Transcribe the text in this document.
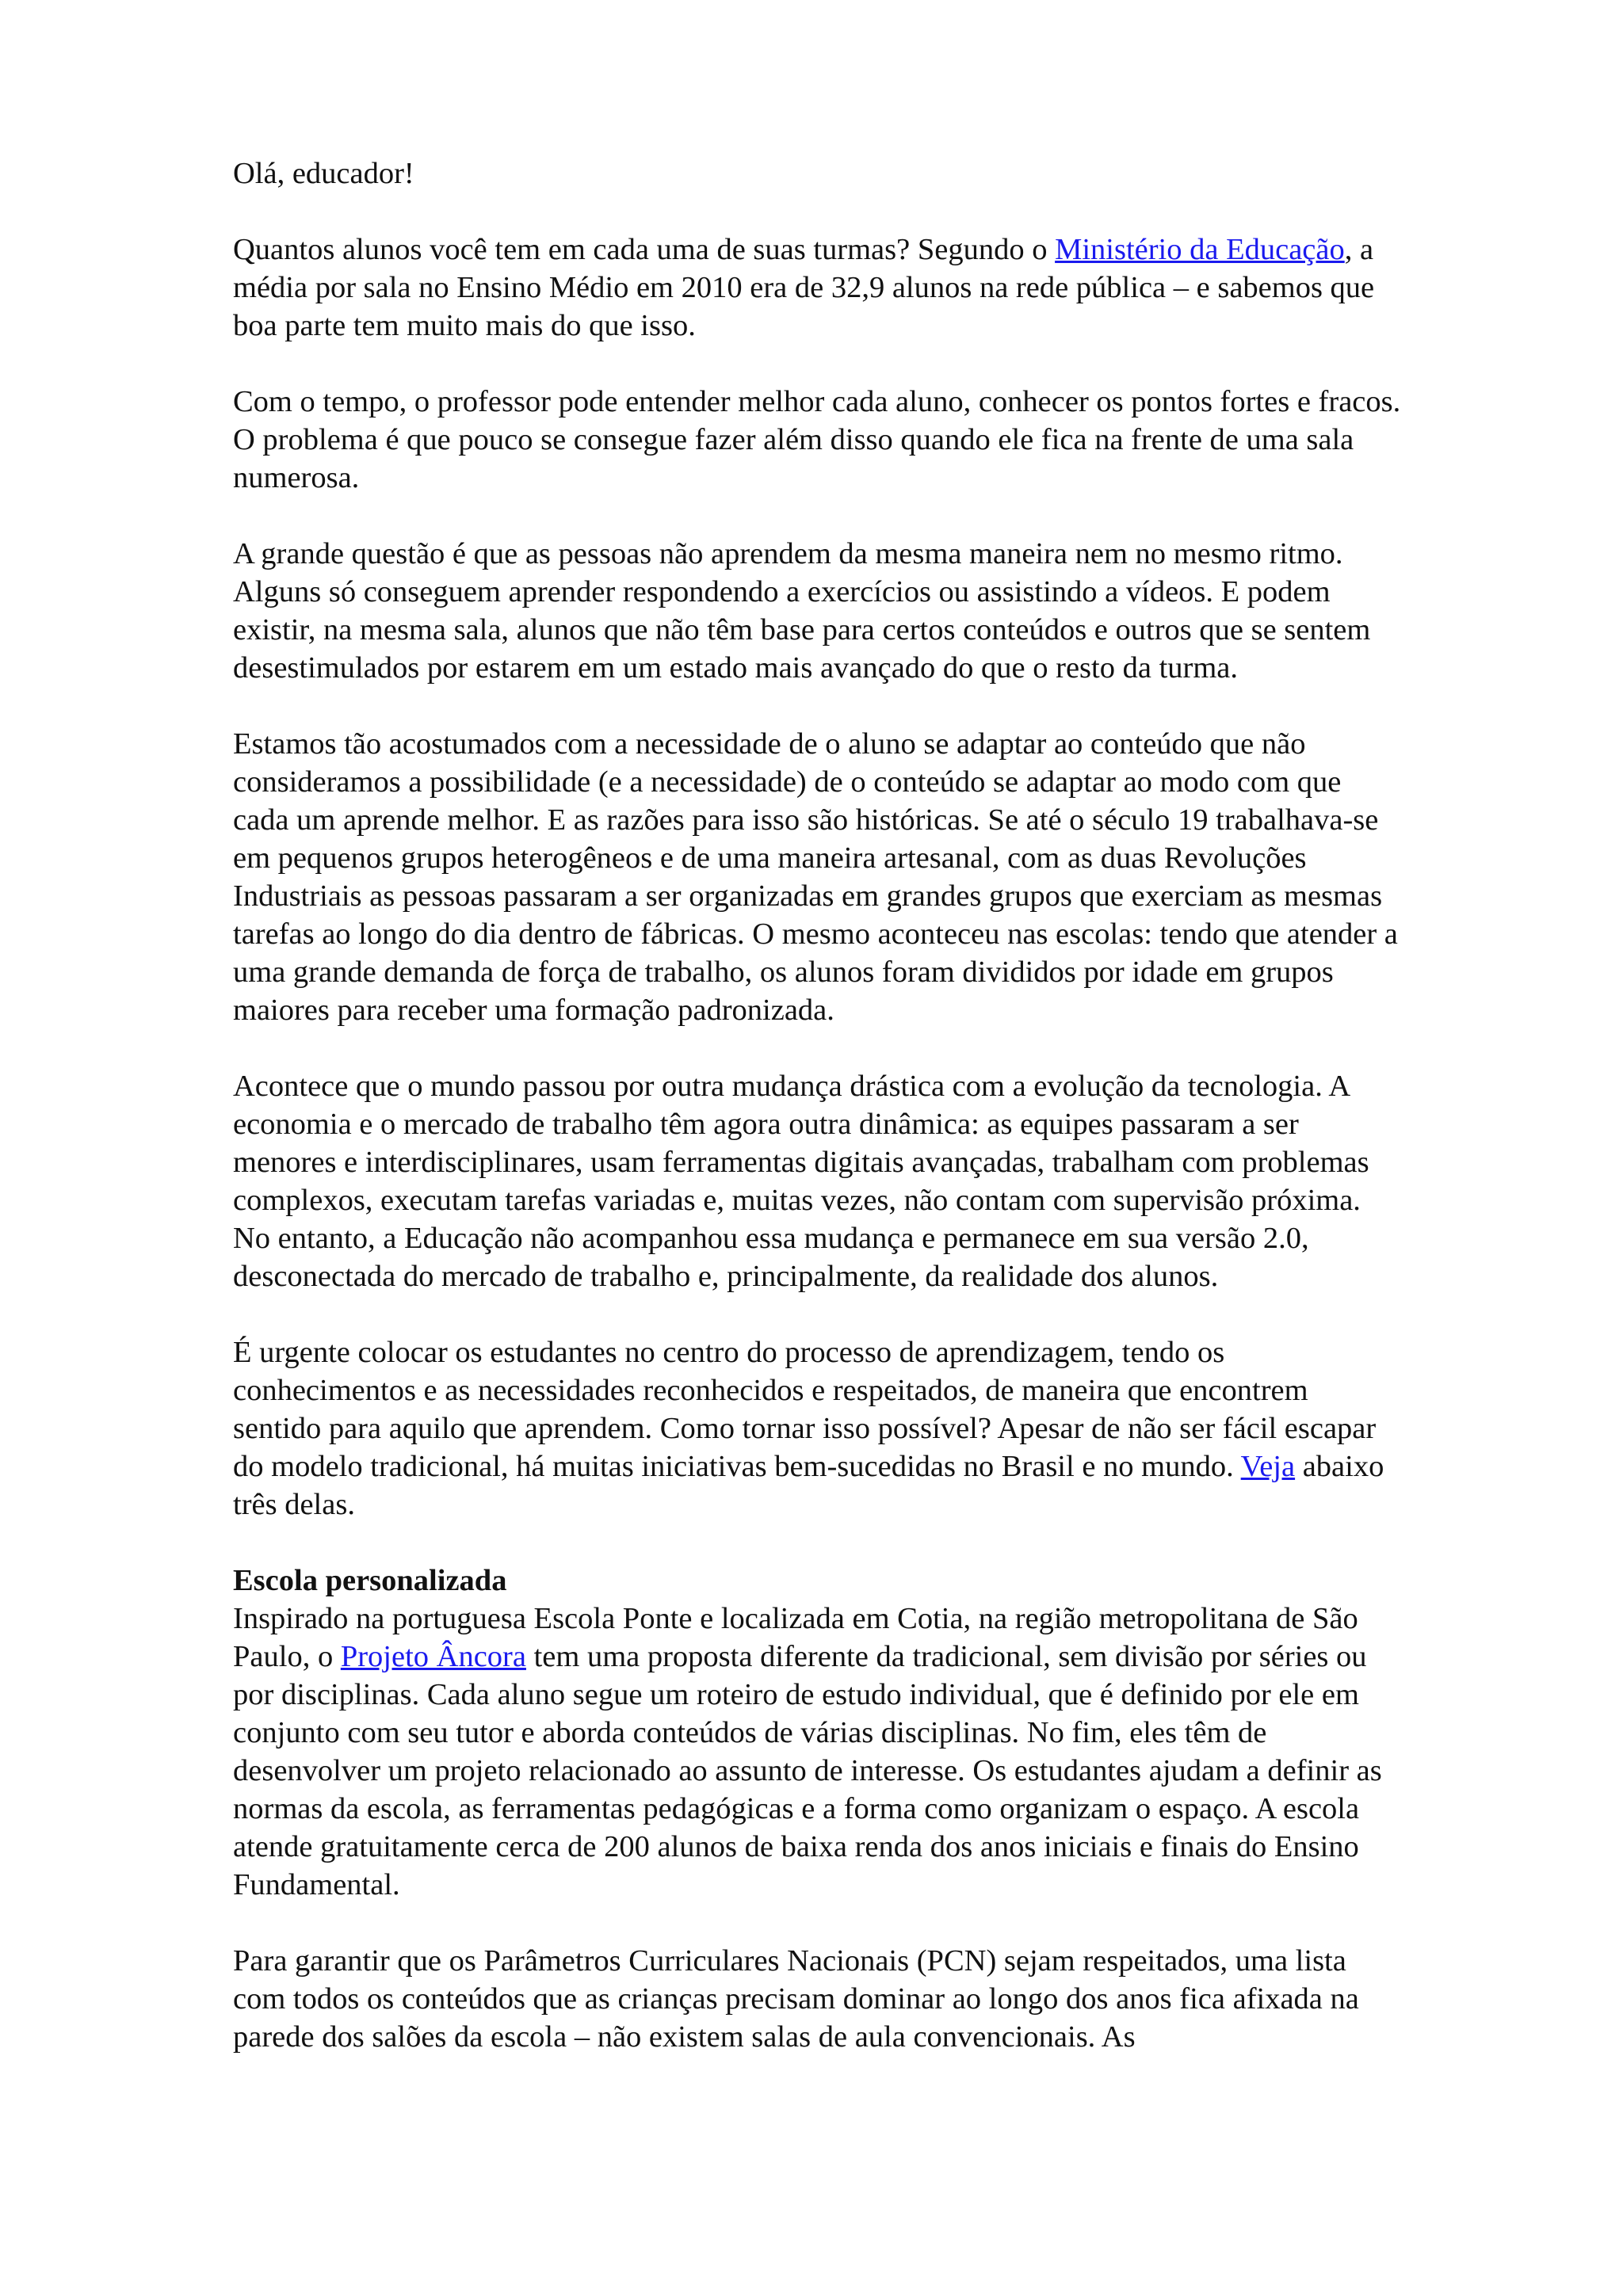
Olá, educador!

Quantos alunos você tem em cada uma de suas turmas? Segundo o Ministério da Educação, a média por sala no Ensino Médio em 2010 era de 32,9 alunos na rede pública – e sabemos que boa parte tem muito mais do que isso.

Com o tempo, o professor pode entender melhor cada aluno, conhecer os pontos fortes e fracos. O problema é que pouco se consegue fazer além disso quando ele fica na frente de uma sala numerosa.

A grande questão é que as pessoas não aprendem da mesma maneira nem no mesmo ritmo. Alguns só conseguem aprender respondendo a exercícios ou assistindo a vídeos. E podem existir, na mesma sala, alunos que não têm base para certos conteúdos e outros que se sentem desestimulados por estarem em um estado mais avançado do que o resto da turma.

Estamos tão acostumados com a necessidade de o aluno se adaptar ao conteúdo que não consideramos a possibilidade (e a necessidade) de o conteúdo se adaptar ao modo com que cada um aprende melhor. E as razões para isso são históricas. Se até o século 19 trabalhava-se em pequenos grupos heterogêneos e de uma maneira artesanal, com as duas Revoluções Industriais as pessoas passaram a ser organizadas em grandes grupos que exerciam as mesmas tarefas ao longo do dia dentro de fábricas. O mesmo aconteceu nas escolas: tendo que atender a uma grande demanda de força de trabalho, os alunos foram divididos por idade em grupos maiores para receber uma formação padronizada.

Acontece que o mundo passou por outra mudança drástica com a evolução da tecnologia. A economia e o mercado de trabalho têm agora outra dinâmica: as equipes passaram a ser menores e interdisciplinares, usam ferramentas digitais avançadas, trabalham com problemas complexos, executam tarefas variadas e, muitas vezes, não contam com supervisão próxima. No entanto, a Educação não acompanhou essa mudança e permanece em sua versão 2.0, desconectada do mercado de trabalho e, principalmente, da realidade dos alunos.

É urgente colocar os estudantes no centro do processo de aprendizagem, tendo os conhecimentos e as necessidades reconhecidos e respeitados, de maneira que encontrem sentido para aquilo que aprendem. Como tornar isso possível? Apesar de não ser fácil escapar do modelo tradicional, há muitas iniciativas bem-sucedidas no Brasil e no mundo. Veja abaixo três delas.

Escola personalizada

Inspirado na portuguesa Escola Ponte e localizada em Cotia, na região metropolitana de São Paulo, o Projeto Âncora tem uma proposta diferente da tradicional, sem divisão por séries ou por disciplinas. Cada aluno segue um roteiro de estudo individual, que é definido por ele em conjunto com seu tutor e aborda conteúdos de várias disciplinas. No fim, eles têm de desenvolver um projeto relacionado ao assunto de interesse. Os estudantes ajudam a definir as normas da escola, as ferramentas pedagógicas e a forma como organizam o espaço. A escola atende gratuitamente cerca de 200 alunos de baixa renda dos anos iniciais e finais do Ensino Fundamental.

Para garantir que os Parâmetros Curriculares Nacionais (PCN) sejam respeitados, uma lista com todos os conteúdos que as crianças precisam dominar ao longo dos anos fica afixada na parede dos salões da escola – não existem salas de aula convencionais. As
